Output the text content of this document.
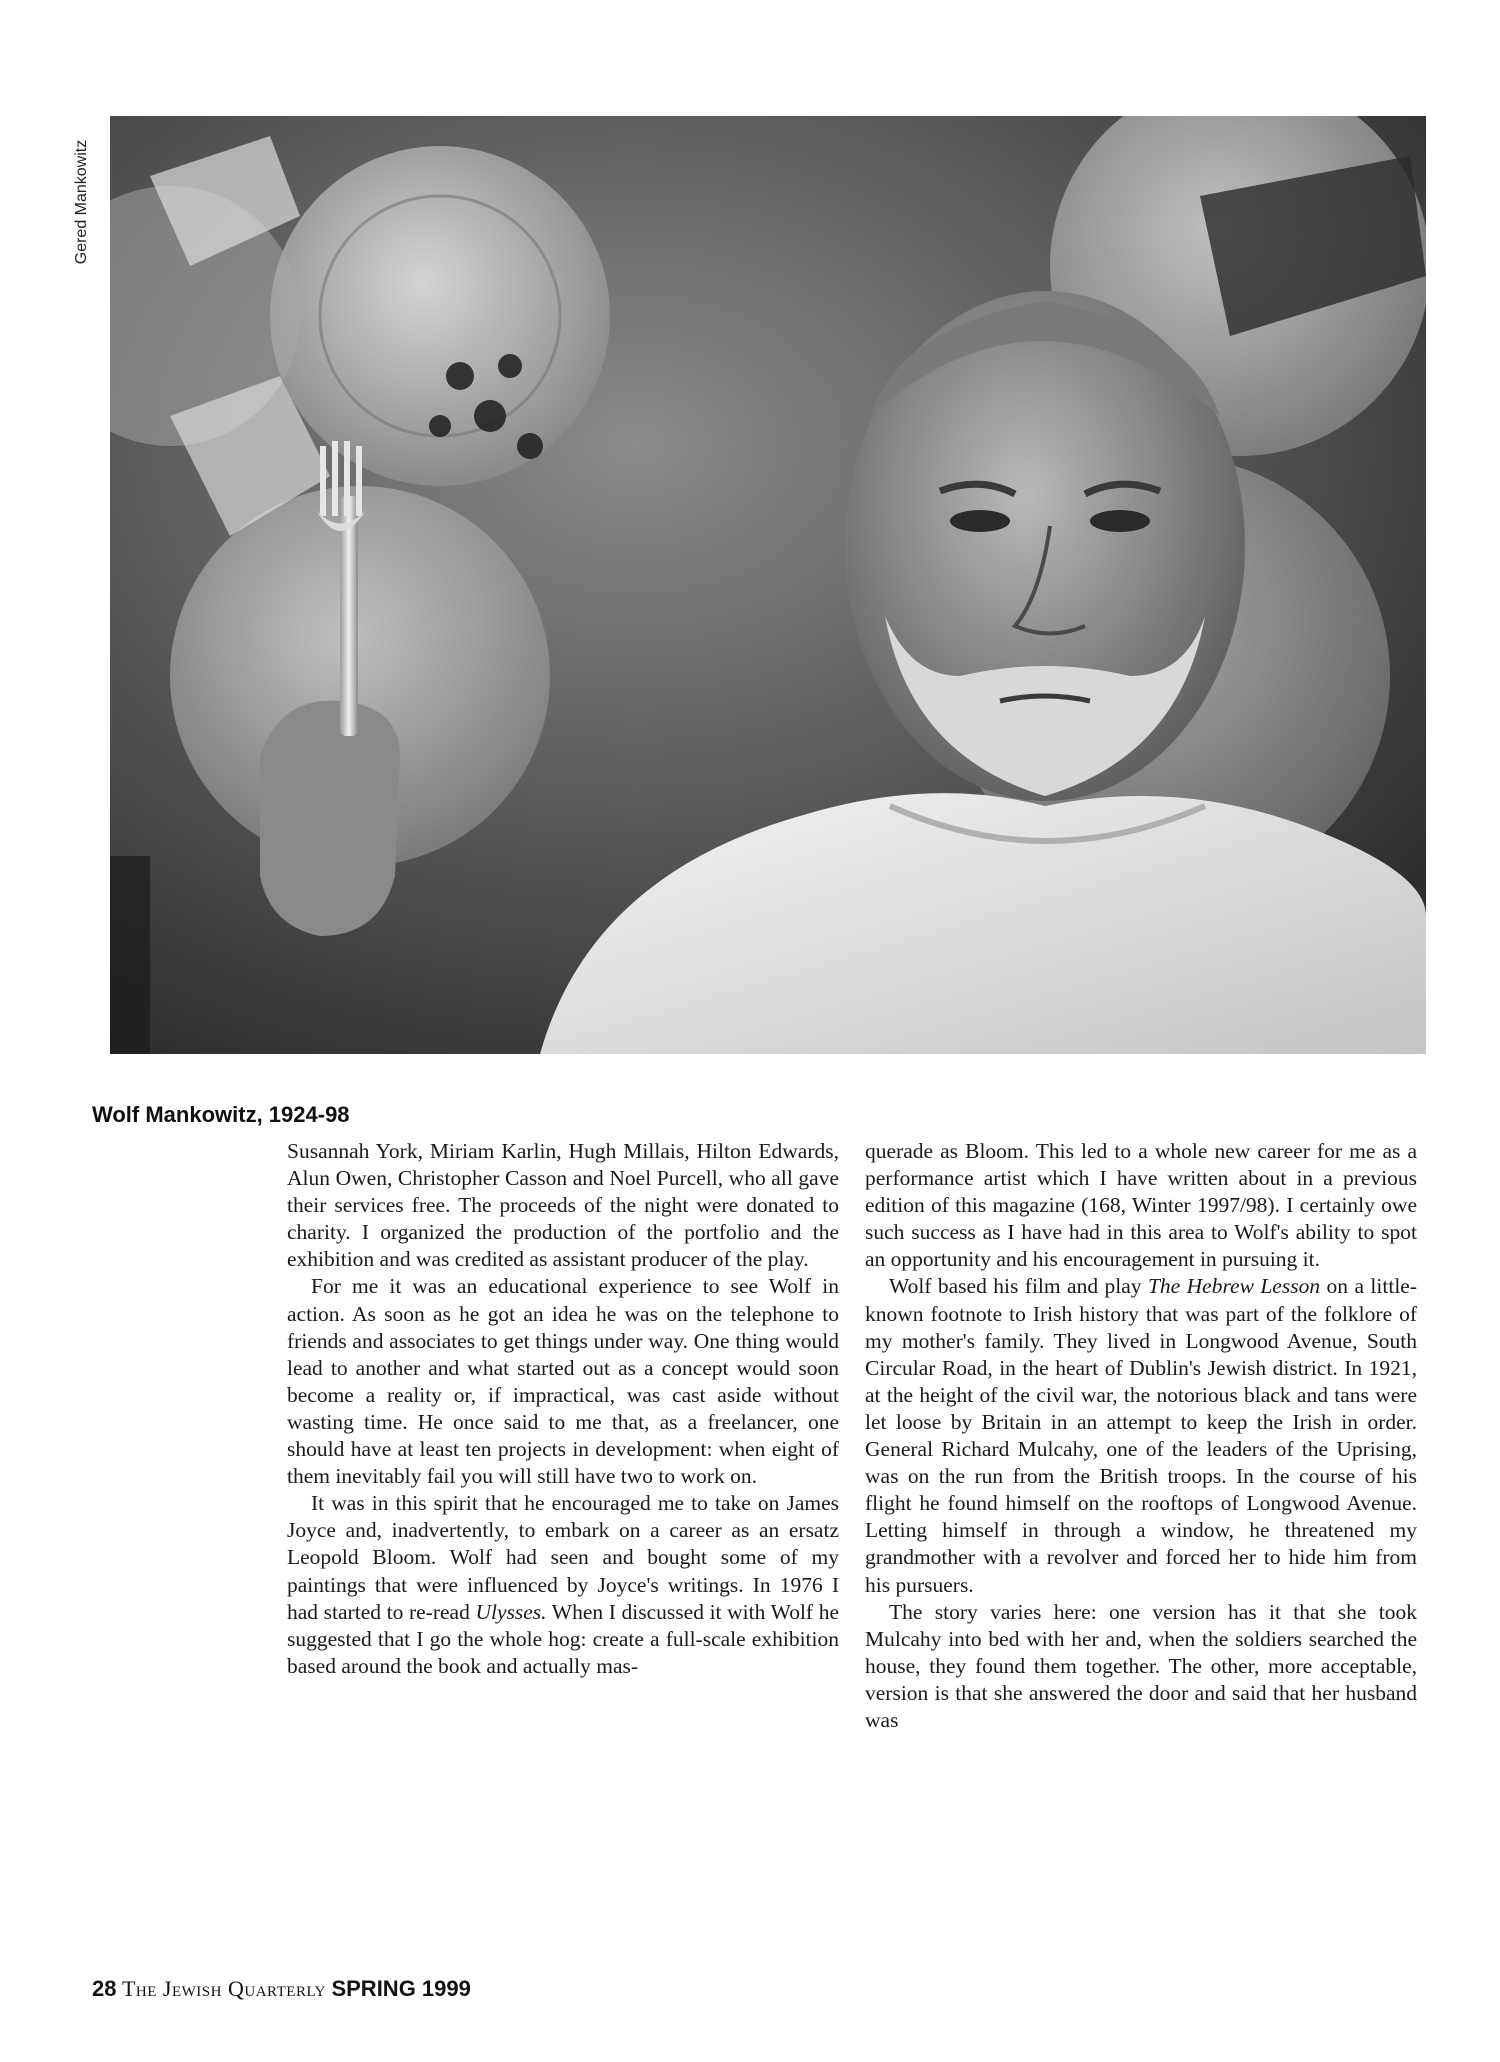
Gered Mankowitz
Wolf Mankowitz, 1924-98

Susannah York, Miriam Karlin, Hugh Millais, Hilton Edwards, Alun Owen, Christopher Casson and Noel Purcell, who all gave their services free. The proceeds of the night were donated to charity. I organized the production of the portfolio and the exhibition and was credited as assistant producer of the play.

For me it was an educational experience to see Wolf in action. As soon as he got an idea he was on the telephone to friends and associates to get things under way. One thing would lead to another and what started out as a concept would soon become a reality or, if impractical, was cast aside without wasting time. He once said to me that, as a freelancer, one should have at least ten projects in development: when eight of them inevitably fail you will still have two to work on.

It was in this spirit that he encouraged me to take on James Joyce and, inadvertently, to embark on a career as an ersatz Leopold Bloom. Wolf had seen and bought some of my paintings that were influenced by Joyce's writings. In 1976 I had started to re-read Ulysses. When I discussed it with Wolf he suggested that I go the whole hog: create a full-scale exhibition based around the book and actually mas-

querade as Bloom. This led to a whole new career for me as a performance artist which I have written about in a previous edition of this magazine (168, Winter 1997/98). I certainly owe such success as I have had in this area to Wolf's ability to spot an opportunity and his encouragement in pursuing it.

Wolf based his film and play The Hebrew Lesson on a little-known footnote to Irish history that was part of the folklore of my mother's family. They lived in Longwood Avenue, South Circular Road, in the heart of Dublin's Jewish district. In 1921, at the height of the civil war, the notorious black and tans were let loose by Britain in an attempt to keep the Irish in order. General Richard Mulcahy, one of the leaders of the Uprising, was on the run from the British troops. In the course of his flight he found himself on the rooftops of Longwood Avenue. Letting himself in through a window, he threatened my grandmother with a revolver and forced her to hide him from his pursuers.

The story varies here: one version has it that she took Mulcahy into bed with her and, when the soldiers searched the house, they found them together. The other, more acceptable, version is that she answered the door and said that her husband was

28 The Jewish Quarterly SPRING 1999
